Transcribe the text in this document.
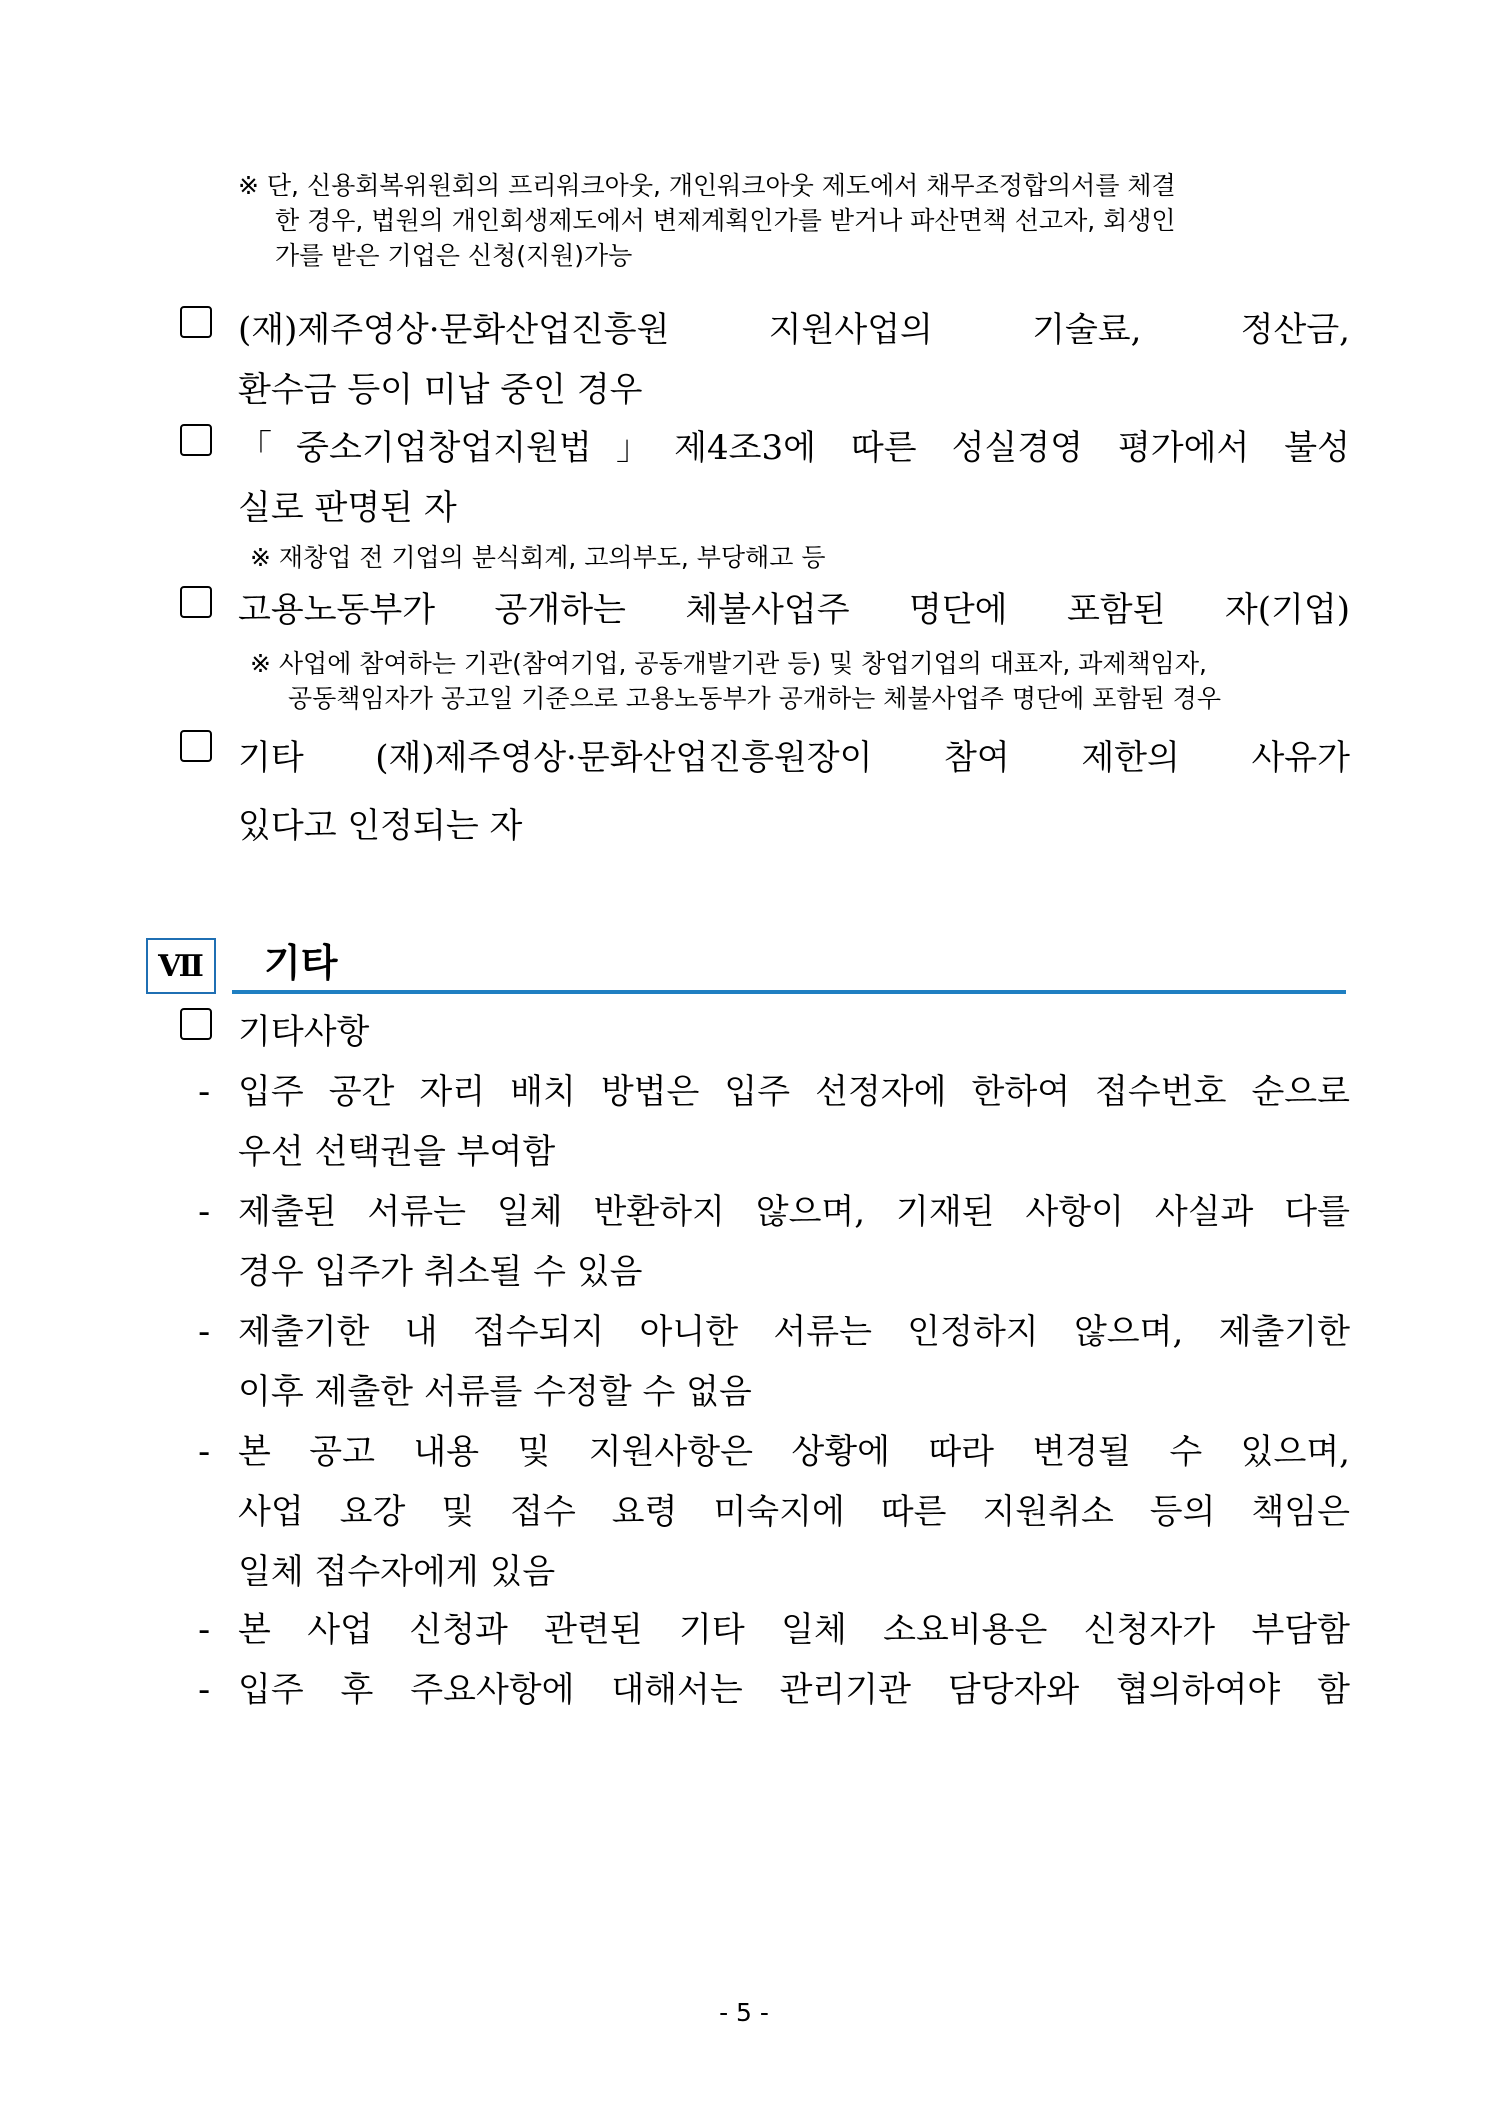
※ 단, 신용회복위원회의 프리워크아웃, 개인워크아웃 제도에서 채무조정합의서를 체결
한 경우, 법원의 개인회생제도에서 변제계획인가를 받거나 파산면책 선고자, 회생인
가를 받은 기업은 신청(지원)가능
(재)제주영상·문화산업진흥원 지원사업의 기술료, 정산금,
환수금 등이 미납 중인 경우
「중소기업창업지원법」제4조3에 따른 성실경영 평가에서 불성
실로 판명된 자
※ 재창업 전 기업의 분식회계, 고의부도, 부당해고 등
고용노동부가 공개하는 체불사업주 명단에 포함된 자(기업)
※ 사업에 참여하는 기관(참여기업, 공동개발기관 등) 및 창업기업의 대표자, 과제책임자,
공동책임자가 공고일 기준으로 고용노동부가 공개하는 체불사업주 명단에 포함된 경우
기타 (재)제주영상·문화산업진흥원장이 참여 제한의 사유가
있다고 인정되는 자
Ⅶ	기타
기타사항
- 입주 공간 자리 배치 방법은 입주 선정자에 한하여 접수번호 순으로
우선 선택권을 부여함
- 제출된 서류는 일체 반환하지 않으며, 기재된 사항이 사실과 다를
경우 입주가 취소될 수 있음
- 제출기한 내 접수되지 아니한 서류는 인정하지 않으며, 제출기한
이후 제출한 서류를 수정할 수 없음
- 본 공고 내용 및 지원사항은 상황에 따라 변경될 수 있으며,
사업 요강 및 접수 요령 미숙지에 따른 지원취소 등의 책임은
일체 접수자에게 있음
- 본 사업 신청과 관련된 기타 일체 소요비용은 신청자가 부담함
- 입주 후 주요사항에 대해서는 관리기관 담당자와 협의하여야 함
- 5 -
